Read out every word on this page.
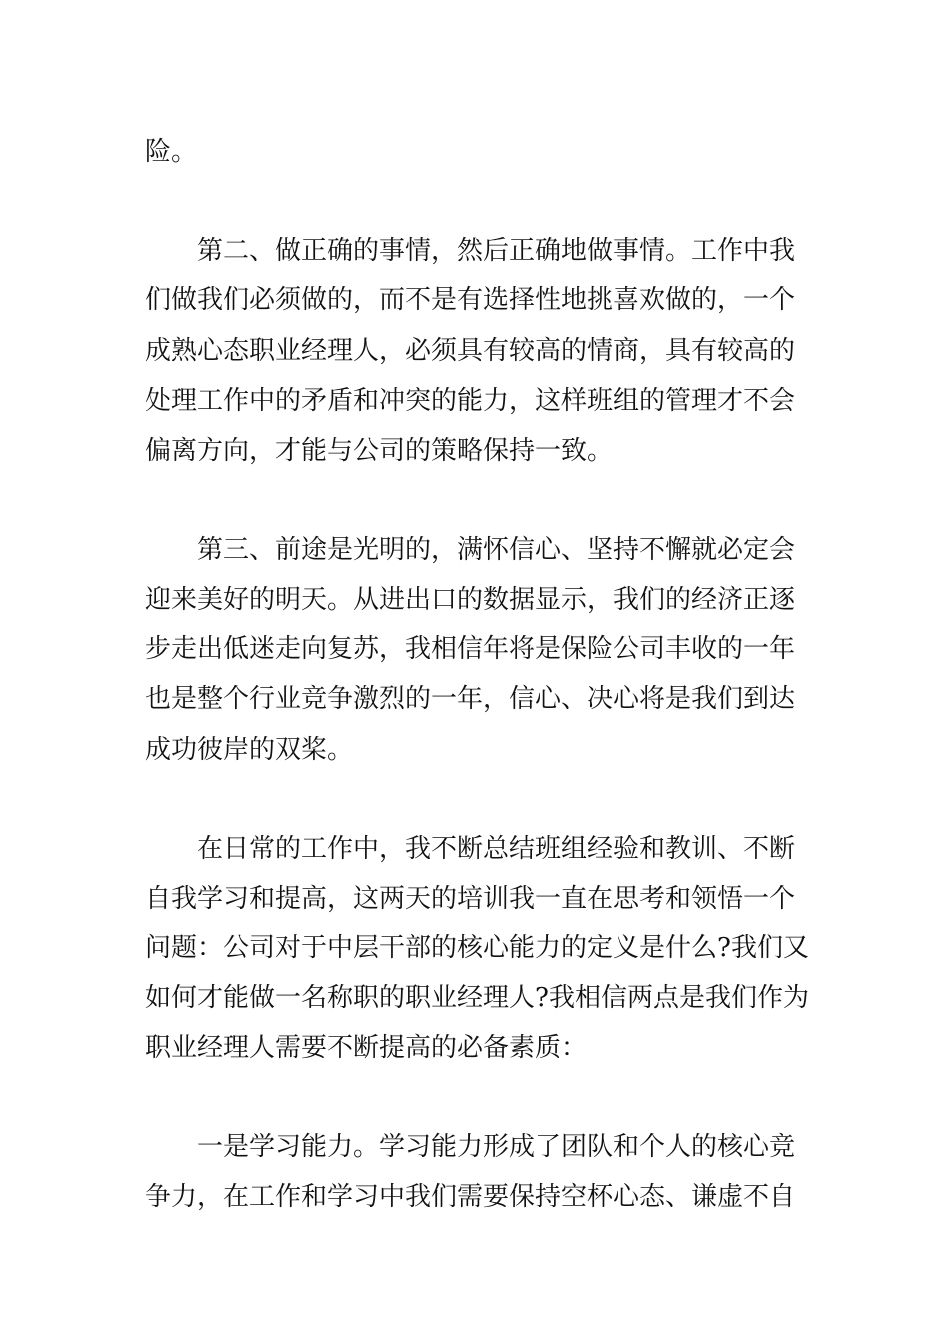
险。
第二、做正确的事情，然后正确地做事情。工作中我
们做我们必须做的，而不是有选择性地挑喜欢做的，一个
成熟心态职业经理人，必须具有较高的情商，具有较高的
处理工作中的矛盾和冲突的能力，这样班组的管理才不会
偏离方向，才能与公司的策略保持一致。
第三、前途是光明的，满怀信心、坚持不懈就必定会
迎来美好的明天。从进出口的数据显示，我们的经济正逐
步走出低迷走向复苏，我相信年将是保险公司丰收的一年
也是整个行业竞争激烈的一年，信心、决心将是我们到达
成功彼岸的双桨。
在日常的工作中，我不断总结班组经验和教训、不断
自我学习和提高，这两天的培训我一直在思考和领悟一个
问题：公司对于中层干部的核心能力的定义是什么?我们又
如何才能做一名称职的职业经理人?我相信两点是我们作为
职业经理人需要不断提高的必备素质：
一是学习能力。学习能力形成了团队和个人的核心竞
争力，在工作和学习中我们需要保持空杯心态、谦虚不自
